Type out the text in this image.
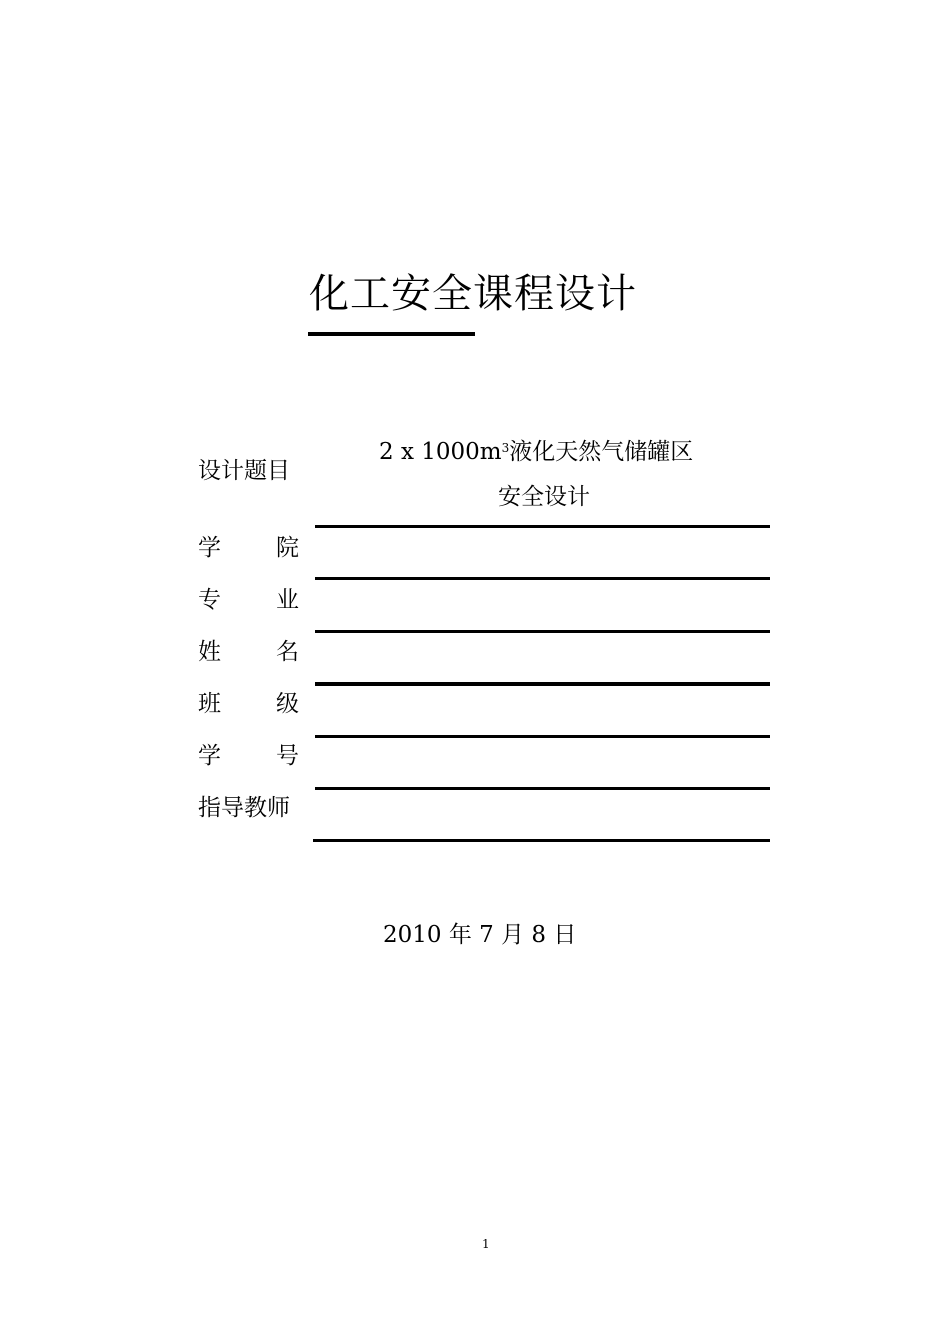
化工安全课程设计
设计题目
2 x $1000m^3$液化天然气储罐区
安全设计
学 院
专 业
姓 名
班 级
学 号
指导教师
2010 年 7 月 8 日
1
